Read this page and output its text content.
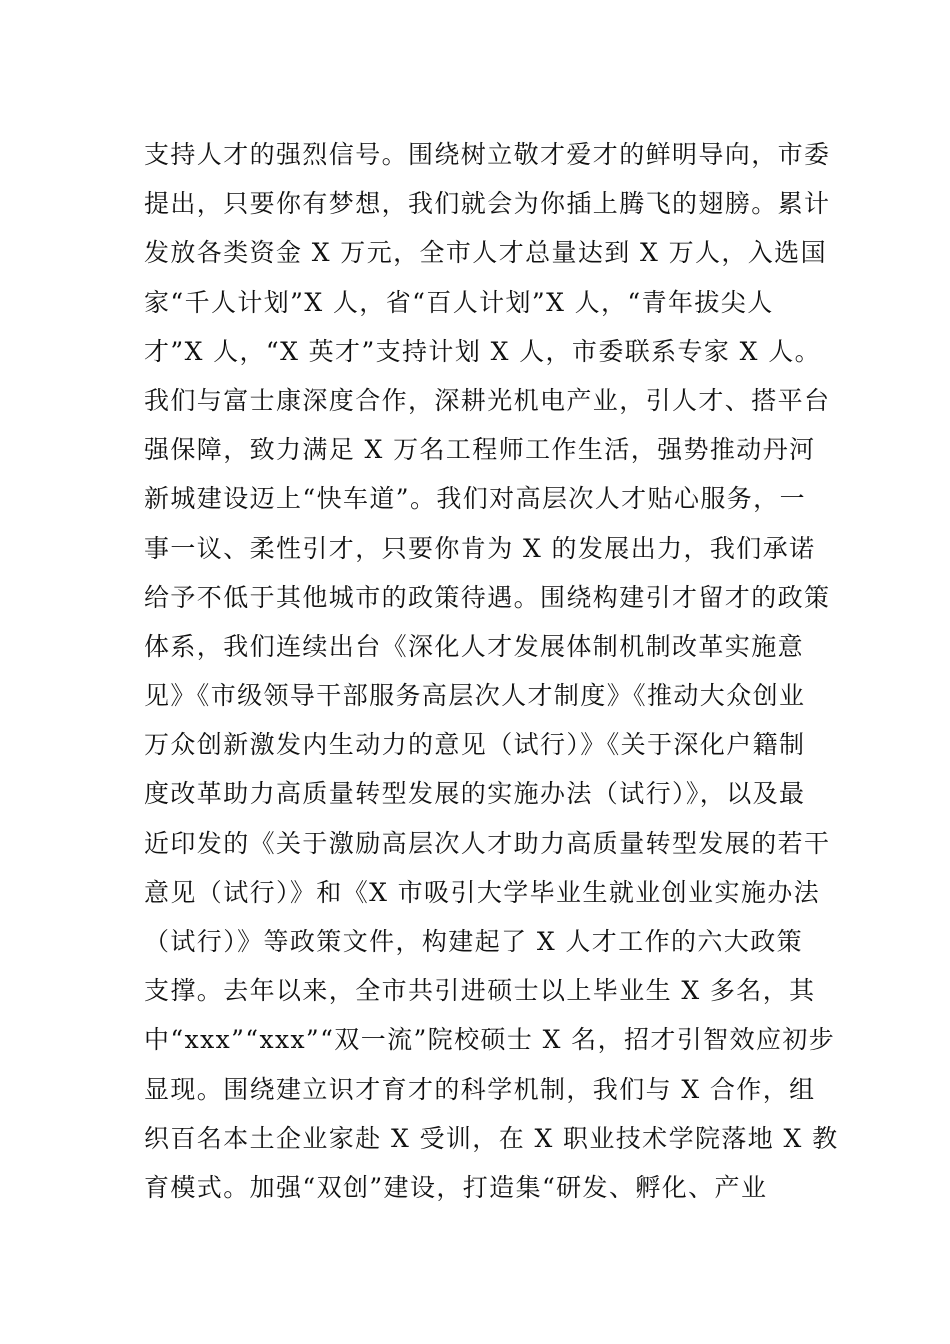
支持人才的强烈信号。围绕树立敬才爱才的鲜明导向，市委
提出，只要你有梦想，我们就会为你插上腾飞的翅膀。累计
发放各类资金 X 万元，全市人才总量达到 X 万人，入选国
家“千人计划”X 人，省“百人计划”X 人，“青年拔尖人
才”X 人，“X 英才”支持计划 X 人，市委联系专家 X 人。
我们与富士康深度合作，深耕光机电产业，引人才、搭平台
强保障，致力满足 X 万名工程师工作生活，强势推动丹河
新城建设迈上“快车道”。我们对高层次人才贴心服务，一
事一议、柔性引才，只要你肯为 X 的发展出力，我们承诺
给予不低于其他城市的政策待遇。围绕构建引才留才的政策
体系，我们连续出台《深化人才发展体制机制改革实施意
见》《市级领导干部服务高层次人才制度》《推动大众创业
万众创新激发内生动力的意见（试行）》《关于深化户籍制
度改革助力高质量转型发展的实施办法（试行）》，以及最
近印发的《关于激励高层次人才助力高质量转型发展的若干
意见（试行）》和《X 市吸引大学毕业生就业创业实施办法
（试行）》等政策文件，构建起了 X 人才工作的六大政策
支撑。去年以来，全市共引进硕士以上毕业生 X 多名，其
中“xxx”“xxx”“双一流”院校硕士 X 名，招才引智效应初步
显现。围绕建立识才育才的科学机制，我们与 X 合作，组
织百名本土企业家赴 X 受训，在 X 职业技术学院落地 X 教
育模式。加强“双创”建设，打造集“研发、孵化、产业
